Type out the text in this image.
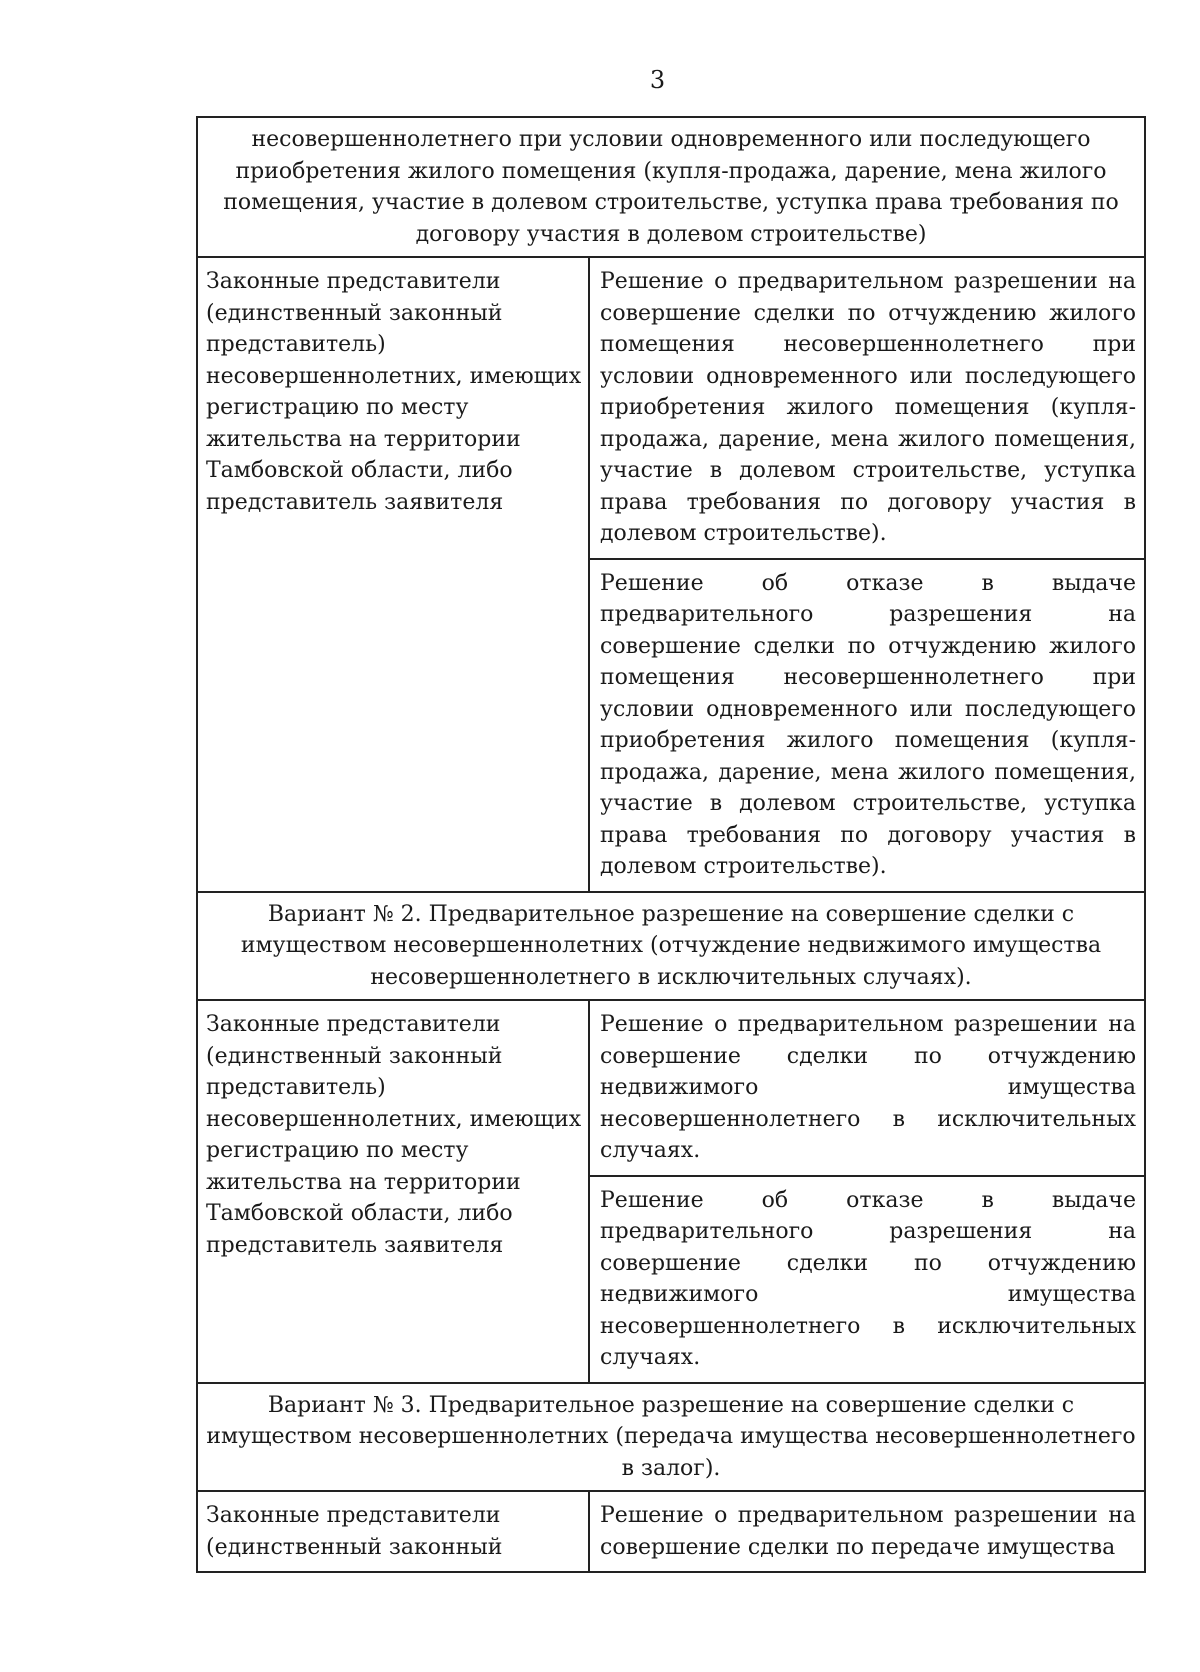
3
несовершеннолетнего при условии одновременного или последующего приобретения жилого помещения (купля-продажа, дарение, мена жилого помещения, участие в долевом строительстве, уступка права требования по договору участия в долевом строительстве)
Законные представители (единственный законный представитель) несовершеннолетних, имеющих регистрацию по месту жительства на территории Тамбовской области, либо представитель заявителя
Решение о предварительном разрешении на совершение сделки по отчуждению жилого помещения несовершеннолетнего при условии одновременного или последующего приобретения жилого помещения (купля-продажа, дарение, мена жилого помещения, участие в долевом строительстве, уступка права требования по договору участия в долевом строительстве).
Решение об отказе в выдаче предварительного разрешения на совершение сделки по отчуждению жилого помещения несовершеннолетнего при условии одновременного или последующего приобретения жилого помещения (купля-продажа, дарение, мена жилого помещения, участие в долевом строительстве, уступка права требования по договору участия в долевом строительстве).
Вариант № 2. Предварительное разрешение на совершение сделки с имуществом несовершеннолетних (отчуждение недвижимого имущества несовершеннолетнего в исключительных случаях).
Законные представители (единственный законный представитель) несовершеннолетних, имеющих регистрацию по месту жительства на территории Тамбовской области, либо представитель заявителя
Решение о предварительном разрешении на совершение сделки по отчуждению недвижимого имущества несовершеннолетнего в исключительных случаях.
Решение об отказе в выдаче предварительного разрешения на совершение сделки по отчуждению недвижимого имущества несовершеннолетнего в исключительных случаях.
Вариант № 3. Предварительное разрешение на совершение сделки с имуществом несовершеннолетних (передача имущества несовершеннолетнего в залог).
Законные представители (единственный законный
Решение о предварительном разрешении на совершение сделки по передаче имущества
